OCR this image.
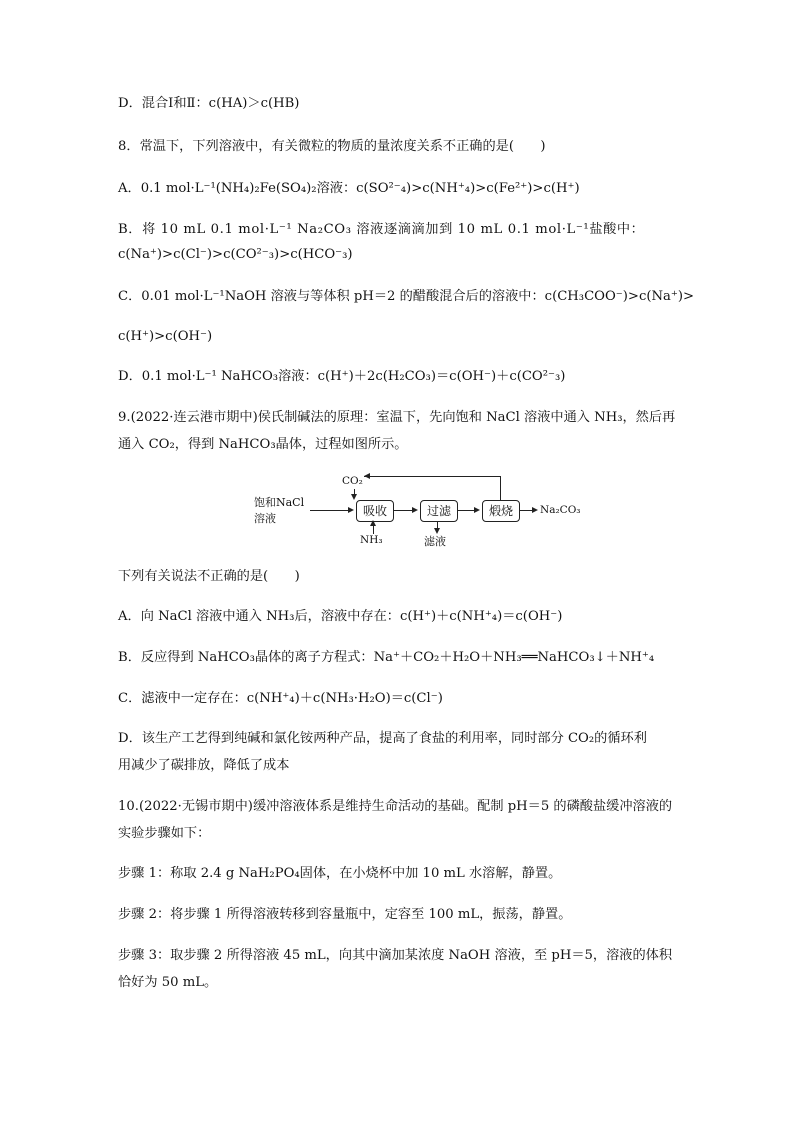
D．混合Ⅰ和Ⅱ：c(HA)＞c(HB)
8．常温下，下列溶液中，有关微粒的物质的量浓度关系不正确的是(　　)
A．0.1 mol·L⁻¹(NH₄)₂Fe(SO₄)₂溶液：c(SO²⁻₄)>c(NH⁺₄)>c(Fe²⁺)>c(H⁺)
B．将 10 mL 0.1 mol·L⁻¹ Na₂CO₃ 溶液逐滴滴加到 10 mL 0.1 mol·L⁻¹盐酸中：
c(Na⁺)>c(Cl⁻)>c(CO²⁻₃)>c(HCO⁻₃)
C．0.01 mol·L⁻¹NaOH 溶液与等体积 pH＝2 的醋酸混合后的溶液中：c(CH₃COO⁻)>c(Na⁺)>
c(H⁺)>c(OH⁻)
D．0.1 mol·L⁻¹ NaHCO₃溶液：c(H⁺)＋2c(H₂CO₃)＝c(OH⁻)＋c(CO²⁻₃)
9.(2022·连云港市期中)侯氏制碱法的原理：室温下，先向饱和 NaCl 溶液中通入 NH₃，然后再
通入 CO₂，得到 NaHCO₃晶体，过程如图所示。
饱和NaCl
溶液
吸收	过滤	煅烧	Na₂CO₃
CO₂
NH₃	滤液
下列有关说法不正确的是(　　)
A．向 NaCl 溶液中通入 NH₃后，溶液中存在：c(H⁺)＋c(NH⁺₄)＝c(OH⁻)
B．反应得到 NaHCO₃晶体的离子方程式：Na⁺＋CO₂＋H₂O＋NH₃══NaHCO₃↓＋NH⁺₄
C．滤液中一定存在：c(NH⁺₄)＋c(NH₃·H₂O)＝c(Cl⁻)
D．该生产工艺得到纯碱和氯化铵两种产品，提高了食盐的利用率，同时部分 CO₂的循环利
用减少了碳排放，降低了成本
10.(2022·无锡市期中)缓冲溶液体系是维持生命活动的基础。配制 pH＝5 的磷酸盐缓冲溶液的
实验步骤如下：
步骤 1：称取 2.4 g NaH₂PO₄固体，在小烧杯中加 10 mL 水溶解，静置。
步骤 2：将步骤 1 所得溶液转移到容量瓶中，定容至 100 mL，振荡，静置。
步骤 3：取步骤 2 所得溶液 45 mL，向其中滴加某浓度 NaOH 溶液，至 pH＝5，溶液的体积
恰好为 50 mL。
